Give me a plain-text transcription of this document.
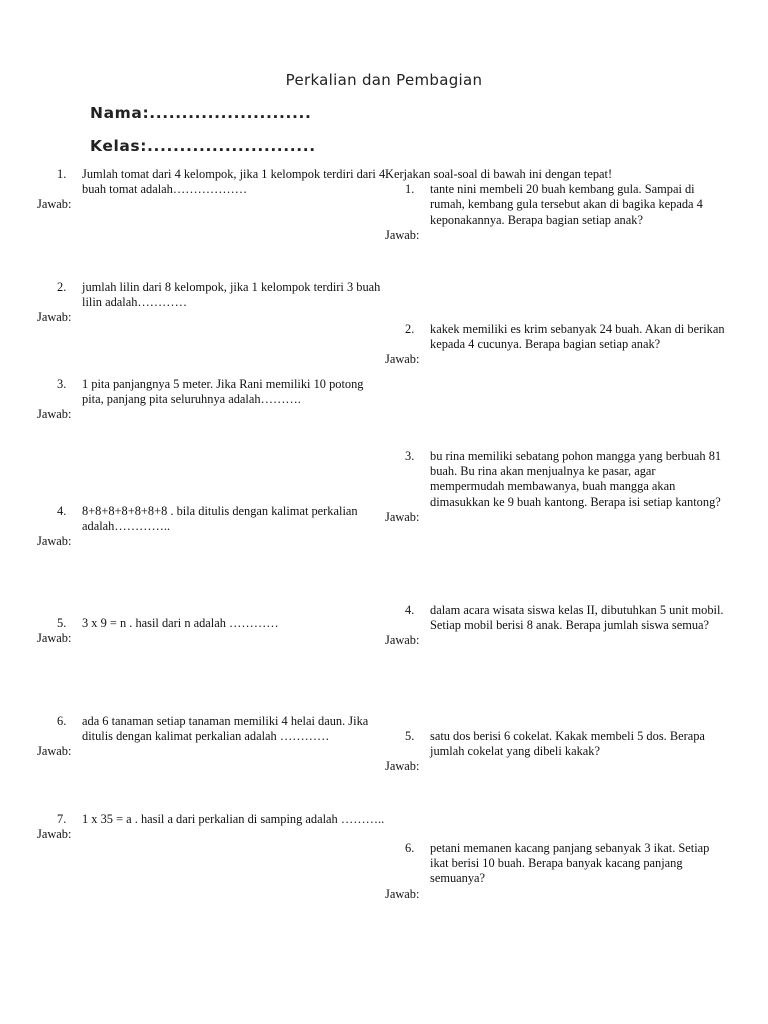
Perkalian dan Pembagian
Nama:.........................
Kelas:..........................
1. Jumlah tomat dari 4 kelompok, jika 1 kelompok terdiri dari 4 buah tomat adalah………………
Jawab:
2. jumlah lilin dari 8 kelompok, jika 1 kelompok terdiri 3 buah lilin adalah…………
Jawab:
3. 1 pita panjangnya 5 meter. Jika Rani memiliki 10 potong pita, panjang pita seluruhnya adalah……….
Jawab:
4. 8+8+8+8+8+8+8 . bila ditulis dengan kalimat perkalian adalah…………..
Jawab:
5. 3 x 9 = n . hasil dari n adalah …………
Jawab:
6. ada 6 tanaman setiap tanaman memiliki 4 helai daun. Jika ditulis dengan kalimat perkalian adalah …………
Jawab:
7. 1 x 35 = a . hasil a dari perkalian di samping adalah ………..
Jawab:
Kerjakan soal-soal di bawah ini dengan tepat!
1. tante nini membeli 20 buah kembang gula. Sampai di rumah, kembang gula tersebut akan di bagika kepada 4 keponakannya. Berapa bagian setiap anak?
Jawab:
2. kakek memiliki es krim sebanyak 24 buah. Akan di berikan kepada 4 cucunya. Berapa bagian setiap anak?
Jawab:
3. bu rina memiliki sebatang pohon mangga yang berbuah 81 buah. Bu rina akan menjualnya ke pasar, agar mempermudah membawanya, buah mangga akan dimasukkan ke 9 buah kantong. Berapa isi setiap kantong?
Jawab:
4. dalam acara wisata siswa kelas II, dibutuhkan 5 unit mobil. Setiap mobil berisi 8 anak. Berapa jumlah siswa semua?
Jawab:
5. satu dos berisi 6 cokelat. Kakak membeli 5 dos. Berapa jumlah cokelat yang dibeli kakak?
Jawab:
6. petani memanen kacang panjang sebanyak 3 ikat. Setiap ikat berisi 10 buah. Berapa banyak kacang panjang semuanya?
Jawab:
